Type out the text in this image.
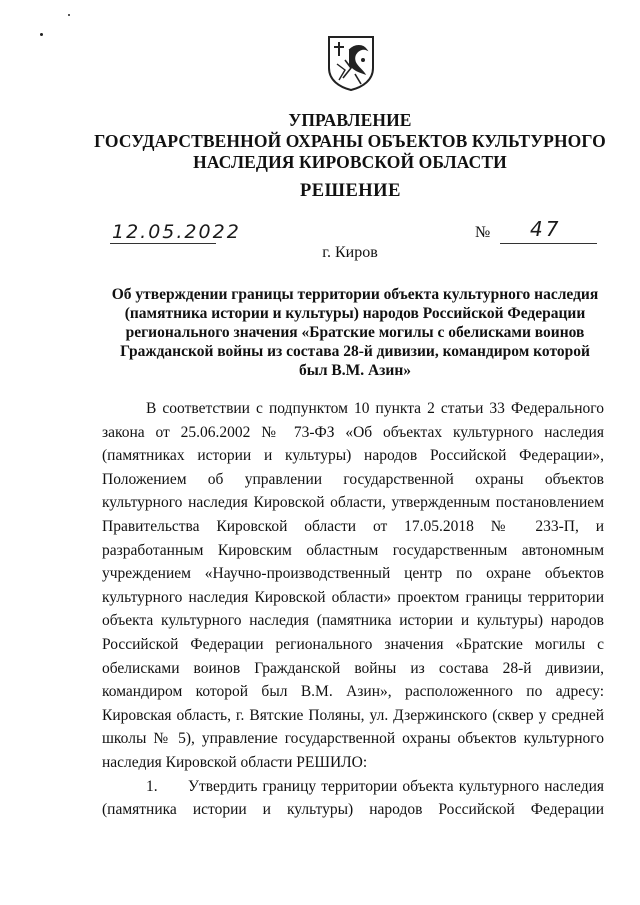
УПРАВЛЕНИЕ
ГОСУДАРСТВЕННОЙ ОХРАНЫ ОБЪЕКТОВ КУЛЬТУРНОГО
НАСЛЕДИЯ КИРОВСКОЙ ОБЛАСТИ
РЕШЕНИЕ
12.05.2022	№ 47
г. Киров
Об утверждении границы территории объекта культурного наследия
(памятника истории и культуры) народов Российской Федерации
регионального значения «Братские могилы с обелисками воинов
Гражданской войны из состава 28-й дивизии, командиром которой
был В.М. Азин»
В соответствии с подпунктом 10 пункта 2 статьи 33 Федерального
закона от 25.06.2002 № 73-ФЗ «Об объектах культурного наследия
(памятниках истории и культуры) народов Российской Федерации»,
Положением об управлении государственной охраны объектов
культурного наследия Кировской области, утвержденным постановлением
Правительства Кировской области от 17.05.2018 № 233-П, и
разработанным Кировским областным государственным автономным
учреждением «Научно-производственный центр по охране объектов
культурного наследия Кировской области» проектом границы территории
объекта культурного наследия (памятника истории и культуры) народов
Российской Федерации регионального значения «Братские могилы с
обелисками воинов Гражданской войны из состава 28-й дивизии,
командиром которой был В.М. Азин», расположенного по адресу:
Кировская область, г. Вятские Поляны, ул. Дзержинского (сквер у средней
школы № 5), управление государственной охраны объектов культурного
наследия Кировской области РЕШИЛО:
1. Утвердить границу территории объекта культурного наследия
(памятника истории и культуры) народов Российской Федерации
